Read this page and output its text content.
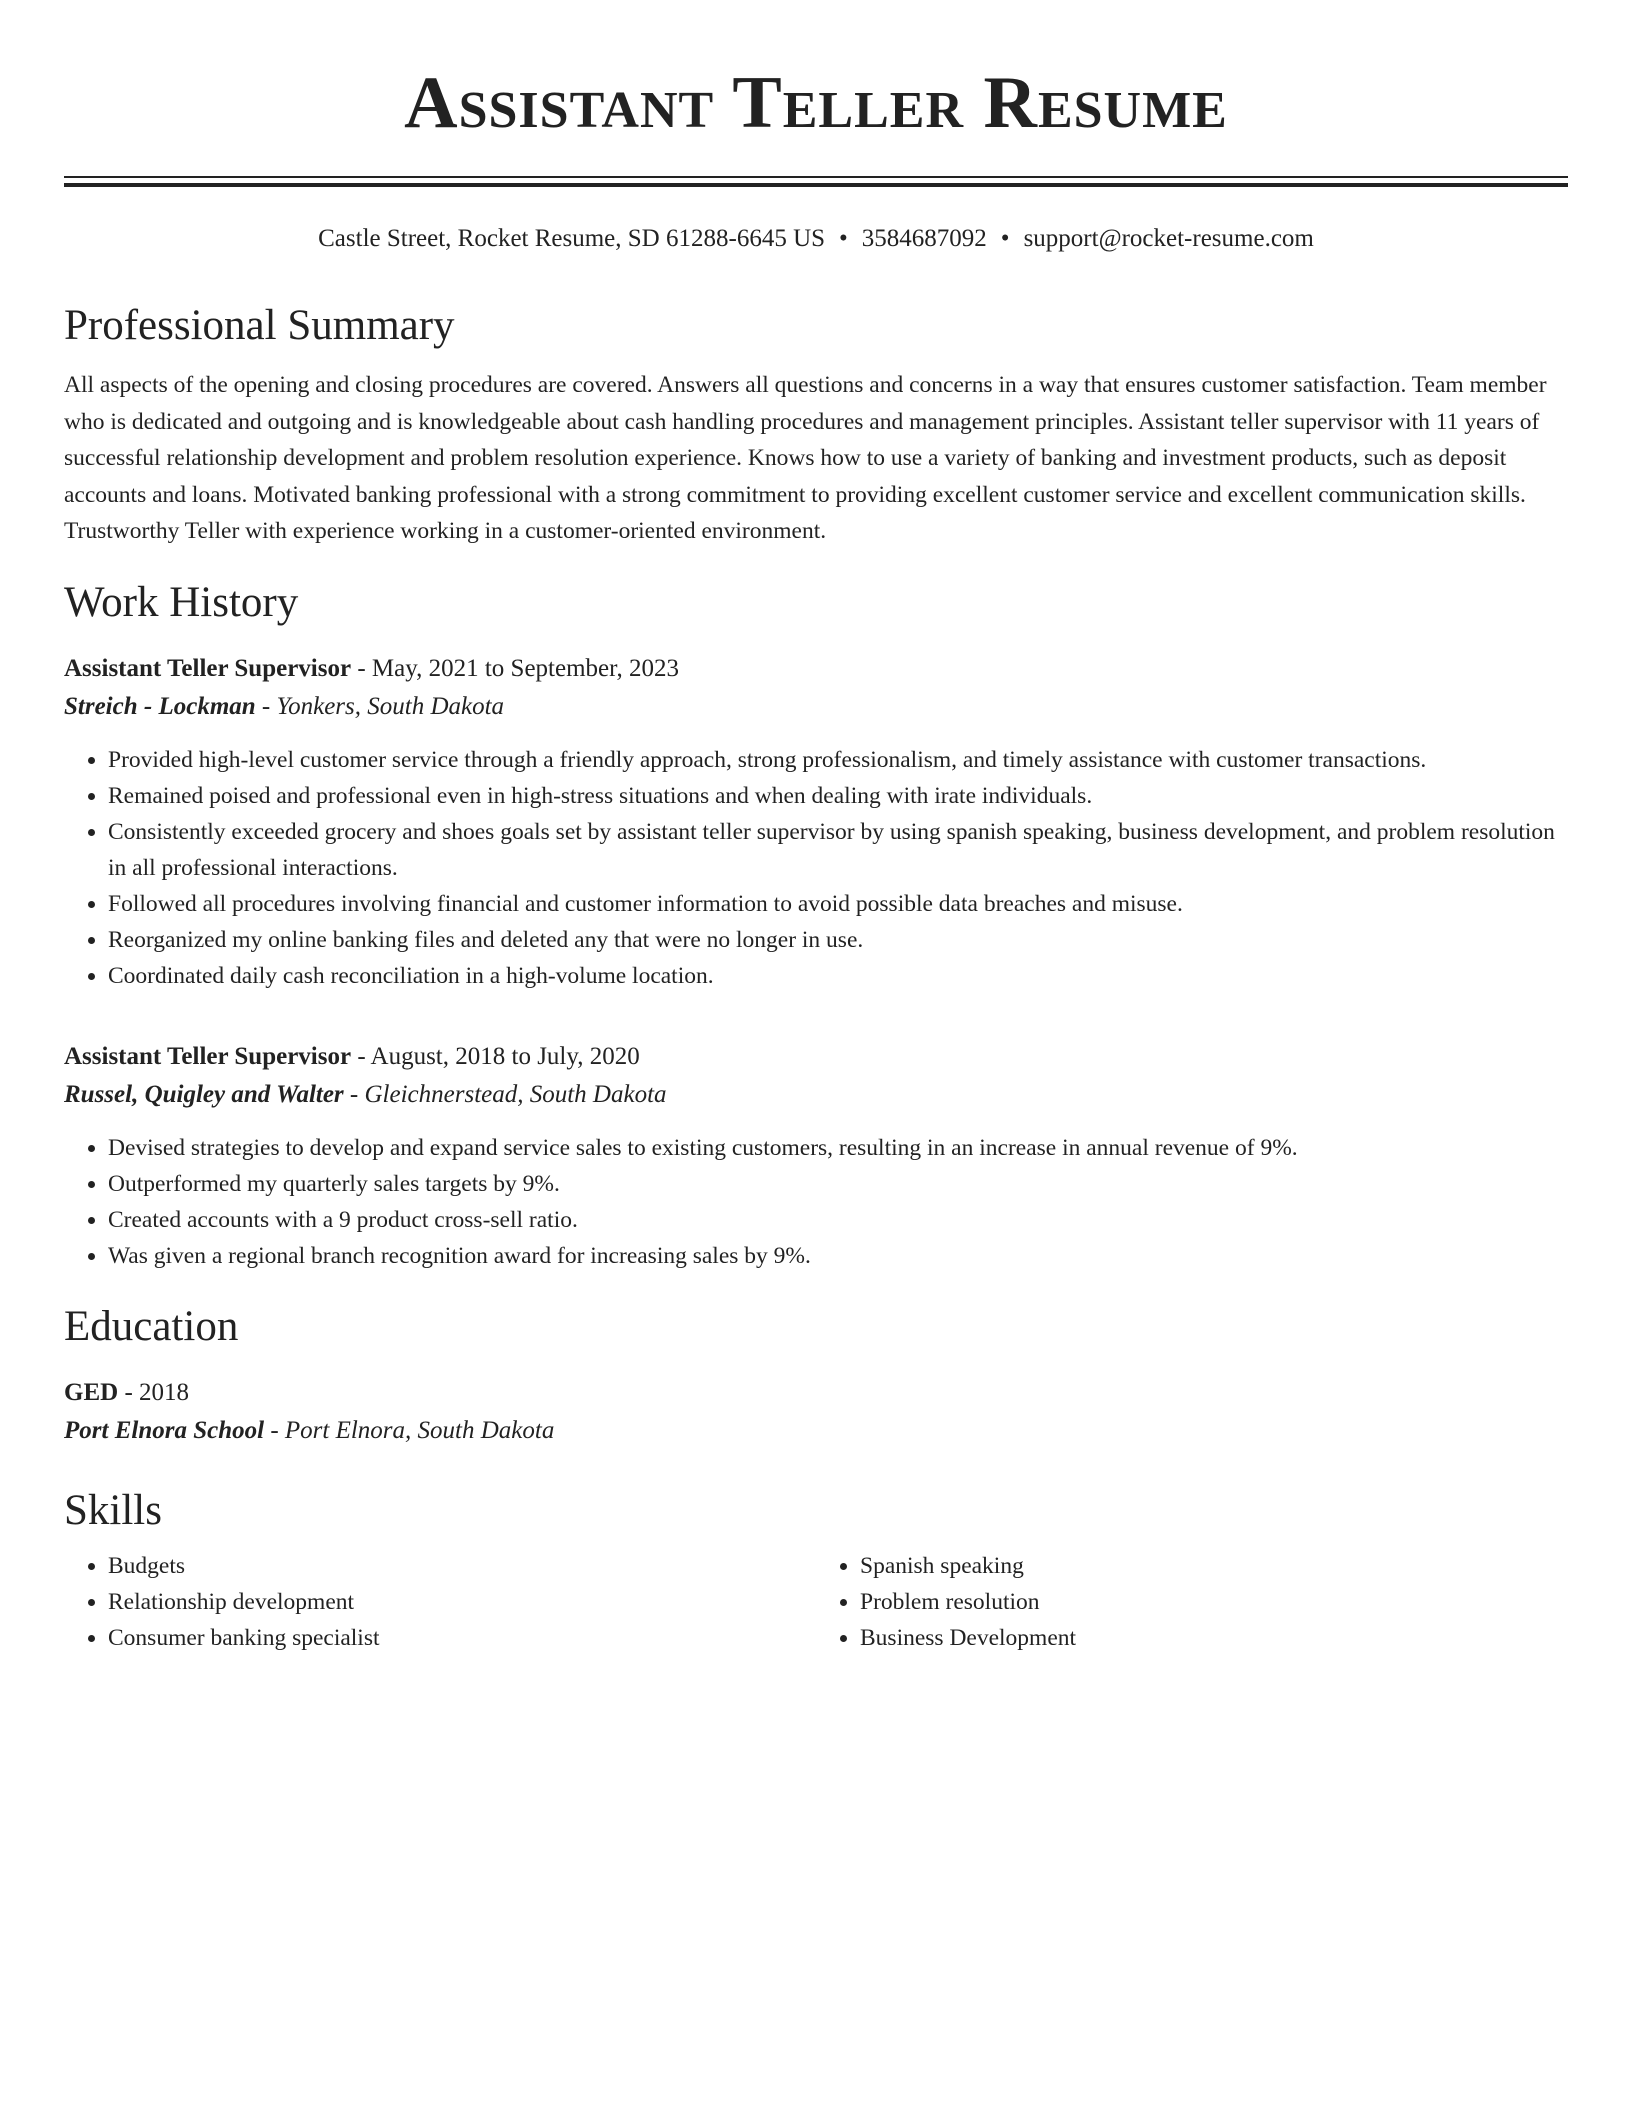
Assistant Teller Resume
Castle Street, Rocket Resume, SD 61288-6645 US • 3584687092 • support@rocket-resume.com
Professional Summary
All aspects of the opening and closing procedures are covered. Answers all questions and concerns in a way that ensures customer satisfaction. Team member who is dedicated and outgoing and is knowledgeable about cash handling procedures and management principles. Assistant teller supervisor with 11 years of successful relationship development and problem resolution experience. Knows how to use a variety of banking and investment products, such as deposit accounts and loans. Motivated banking professional with a strong commitment to providing excellent customer service and excellent communication skills. Trustworthy Teller with experience working in a customer-oriented environment.
Work History
Assistant Teller Supervisor - May, 2021 to September, 2023
Streich - Lockman - Yonkers, South Dakota
• Provided high-level customer service through a friendly approach, strong professionalism, and timely assistance with customer transactions.
• Remained poised and professional even in high-stress situations and when dealing with irate individuals.
• Consistently exceeded grocery and shoes goals set by assistant teller supervisor by using spanish speaking, business development, and problem resolution in all professional interactions.
• Followed all procedures involving financial and customer information to avoid possible data breaches and misuse.
• Reorganized my online banking files and deleted any that were no longer in use.
• Coordinated daily cash reconciliation in a high-volume location.
Assistant Teller Supervisor - August, 2018 to July, 2020
Russel, Quigley and Walter - Gleichnerstead, South Dakota
• Devised strategies to develop and expand service sales to existing customers, resulting in an increase in annual revenue of 9%.
• Outperformed my quarterly sales targets by 9%.
• Created accounts with a 9 product cross-sell ratio.
• Was given a regional branch recognition award for increasing sales by 9%.
Education
GED - 2018
Port Elnora School - Port Elnora, South Dakota
Skills
• Budgets
• Relationship development
• Consumer banking specialist
• Spanish speaking
• Problem resolution
• Business Development
